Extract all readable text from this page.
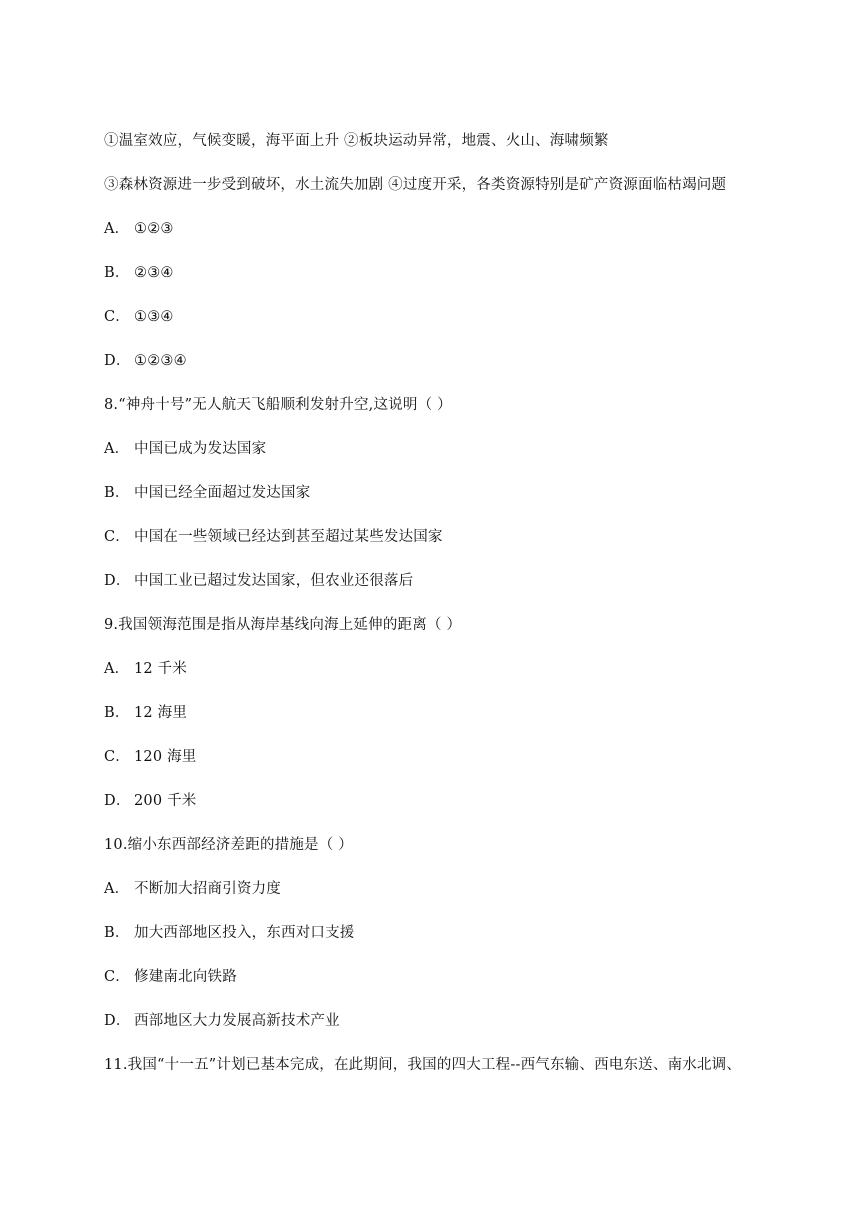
①温室效应，气候变暖，海平面上升 ②板块运动异常，地震、火山、海啸频繁
③森林资源进一步受到破坏，水土流失加剧 ④过度开采，各类资源特别是矿产资源面临枯竭问题
A． ①②③
B． ②③④
C． ①③④
D． ①②③④
8.“神舟十号”无人航天飞船顺利发射升空,这说明（ ）
A． 中国已成为发达国家
B． 中国已经全面超过发达国家
C． 中国在一些领域已经达到甚至超过某些发达国家
D． 中国工业已超过发达国家，但农业还很落后
9.我国领海范围是指从海岸基线向海上延伸的距离（ ）
A． 12 千米
B． 12 海里
C． 120 海里
D． 200 千米
10.缩小东西部经济差距的措施是（ ）
A． 不断加大招商引资力度
B． 加大西部地区投入，东西对口支援
C． 修建南北向铁路
D． 西部地区大力发展高新技术产业
11.我国“十一五”计划已基本完成，在此期间，我国的四大工程--西气东输、西电东送、南水北调、
